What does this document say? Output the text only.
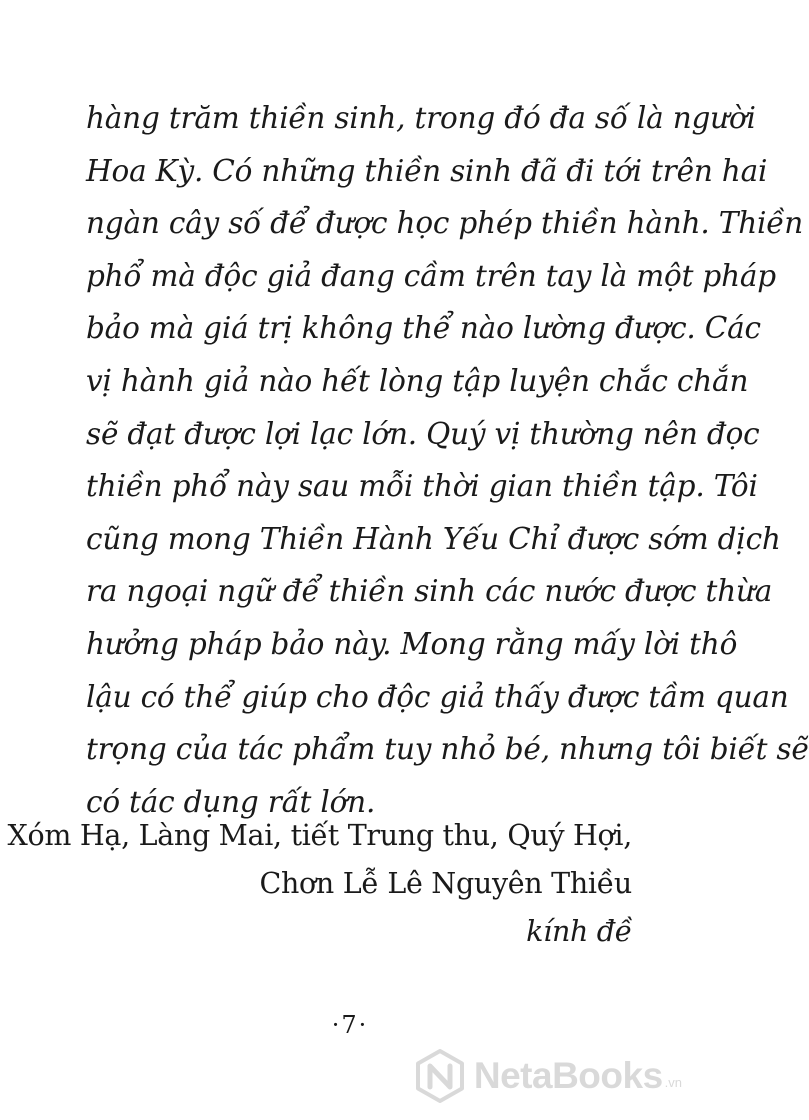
hàng trăm thiền sinh, trong đó đa số là người
Hoa Kỳ. Có những thiền sinh đã đi tới trên hai
ngàn cây số để được học phép thiền hành. Thiền
phổ mà độc giả đang cầm trên tay là một pháp
bảo mà giá trị không thể nào lường được. Các
vị hành giả nào hết lòng tập luyện chắc chắn
sẽ đạt được lợi lạc lớn. Quý vị thường nên đọc
thiền phổ này sau mỗi thời gian thiền tập. Tôi
cũng mong Thiền Hành Yếu Chỉ được sớm dịch
ra ngoại ngữ để thiền sinh các nước được thừa
hưởng pháp bảo này. Mong rằng mấy lời thô
lậu có thể giúp cho độc giả thấy được tầm quan
trọng của tác phẩm tuy nhỏ bé, nhưng tôi biết sẽ
có tác dụng rất lớn.
Xóm Hạ, Làng Mai, tiết Trung thu, Quý Hợi,
Chơn Lễ Lê Nguyên Thiều
kính đề
·7·
NetaBooks .vn
